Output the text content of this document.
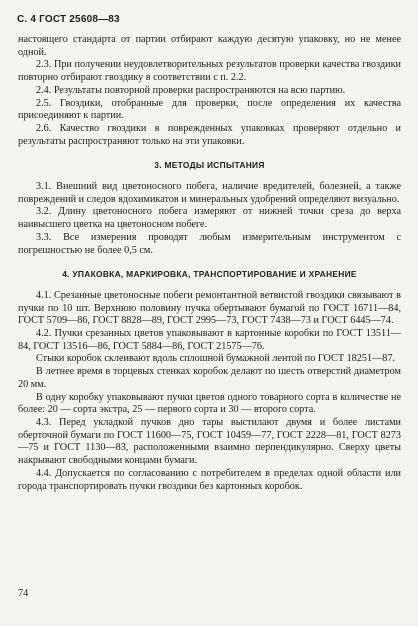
С. 4 ГОСТ 25608—83

настоящего стандарта от партии отбирают каждую десятую упаковку, но не менее одной.

2.3. При получении неудовлетворительных результатов проверки качества гвоздики повторно отбирают гвоздику в соответствии с п. 2.2.

2.4. Результаты повторной проверки распространяются на всю партию.

2.5. Гвоздики, отобранные для проверки, после определения их качества присоединяют к партии.

2.6. Качество гвоздики в поврежденных упаковках проверяют отдельно и результаты распространяют только на эти упаковки.

3. МЕТОДЫ ИСПЫТАНИЯ

3.1. Внешний вид цветоносного побега, наличие вредителей, болезней, а также повреждений и следов ядохимикатов и минеральных удобрений определяют визуально.

3.2. Длину цветоносного побега измеряют от нижней точки среза до верха наивысшего цветка на цветоносном побеге.

3.3. Все измерения проводят любым измерительным инструментом с погрешностью не более 0,5 см.

4. УПАКОВКА, МАРКИРОВКА, ТРАНСПОРТИРОВАНИЕ И ХРАНЕНИЕ

4.1. Срезанные цветоносные побеги ремонтантной ветвистой гвоздики связывают в пучки по 10 шт. Верхнюю половину пучка обертывают бумагой по ГОСТ 16711—84, ГОСТ 5709—86, ГОСТ 8828—89, ГОСТ 2995—73, ГОСТ 7438—73 и ГОСТ 6445—74.

4.2. Пучки срезанных цветов упаковывают в картонные коробки по ГОСТ 13511—84, ГОСТ 13516—86, ГОСТ 5884—86, ГОСТ 21575—76.

Стыки коробок склеивают вдоль сплошной бумажной лентой по ГОСТ 18251—87.

В летнее время в торцевых стенках коробок делают по шесть отверстий диаметром 20 мм.

В одну коробку упаковывают пучки цветов одного товарного сорта в количестве не более: 20 — сорта экстра, 25 — первого сорта и 30 — второго сорта.

4.3. Перед укладкой пучков дно тары выстилают двумя и более листами оберточной бумаги по ГОСТ 11600—75, ГОСТ 10459—77, ГОСТ 2228—81, ГОСТ 8273—75 и ГОСТ 1130—83, расположенными взаимно перпендикулярно. Сверху цветы накрывают свободными концами бумаги.

4.4. Допускается по согласованию с потребителем в пределах одной области или города транспортировать пучки гвоздики без картонных коробок.

74
